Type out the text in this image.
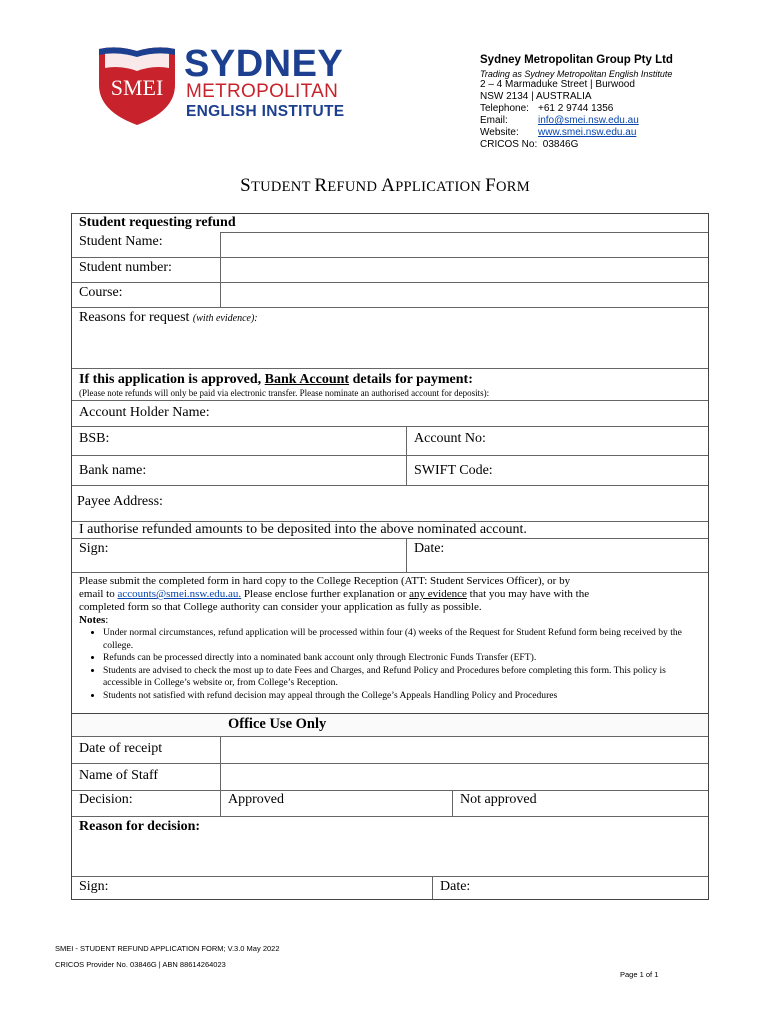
SMEI
SYDNEY
METROPOLITAN
ENGLISH INSTITUTE
Sydney Metropolitan Group Pty Ltd
Trading as Sydney Metropolitan English Institute
2 – 4 Marmaduke Street | Burwood
NSW 2134 | AUSTRALIA
Telephone: +61 2 9744 1356
Email:	info@smei.nsw.edu.au
Website: www.smei.nsw.edu.au
CRICOS No: 03846G
STUDENT REFUND APPLICATION FORM
Student requesting refund
Student Name:
Student number:
Course:
Reasons for request (with evidence):
If this application is approved, Bank Account details for payment:
(Please note refunds will only be paid via electronic transfer. Please nominate an authorised account for deposits):
Account Holder Name:
BSB:	Account No:
Bank name:	SWIFT Code:
Payee Address:
I authorise refunded amounts to be deposited into the above nominated account.
Sign:	Date:
Please submit the completed form in hard copy to the College Reception (ATT: Student Services Officer), or by
email to accounts@smei.nsw.edu.au. Please enclose further explanation or any evidence that you may have with the
completed form so that College authority can consider your application as fully as possible.
Notes:
• Under normal circumstances, refund application will be processed within four (4) weeks of the Request for Student Refund form being received by the college.
• Refunds can be processed directly into a nominated bank account only through Electronic Funds Transfer (EFT).
• Students are advised to check the most up to date Fees and Charges, and Refund Policy and Procedures before completing this form. This policy is accessible in College’s website or, from College’s Reception.
• Students not satisfied with refund decision may appeal through the College’s Appeals Handling Policy and Procedures
Office Use Only
Date of receipt
Name of Staff
Decision:	Approved	Not approved
Reason for decision:
Sign:	Date:
SMEI - STUDENT REFUND APPLICATION FORM; V.3.0 May 2022
CRICOS Provider No. 03846G | ABN 88614264023
Page 1 of 1
